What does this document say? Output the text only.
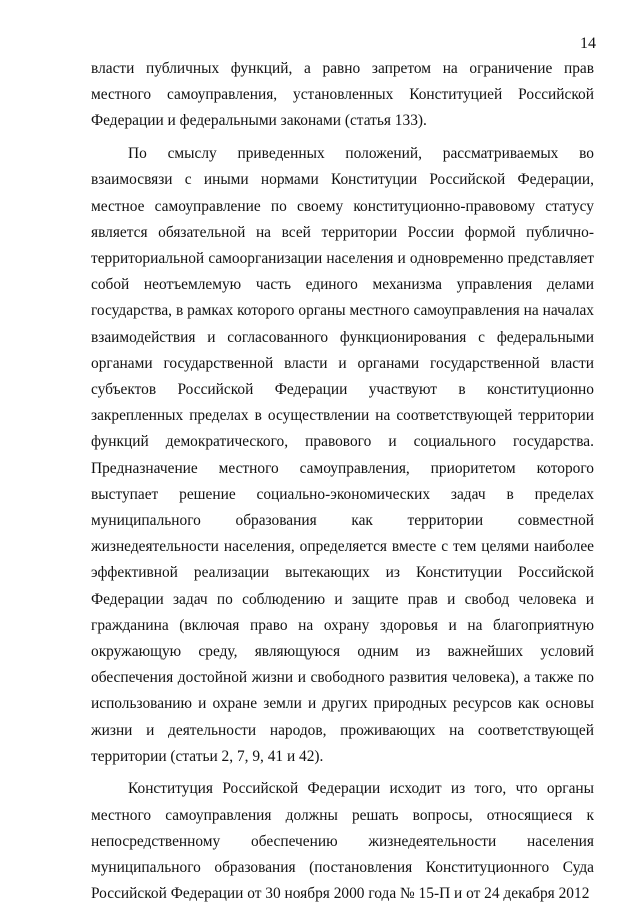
14

власти публичных функций, а равно запретом на ограничение прав местного самоуправления, установленных Конституцией Российской Федерации и федеральными законами (статья 133).

По смыслу приведенных положений, рассматриваемых во взаимосвязи с иными нормами Конституции Российской Федерации, местное самоуправление по своему конституционно-правовому статусу является обязательной на всей территории России формой публично-территориальной самоорганизации населения и одновременно представляет собой неотъемлемую часть единого механизма управления делами государства, в рамках которого органы местного самоуправления на началах взаимодействия и согласованного функционирования с федеральными органами государственной власти и органами государственной власти субъектов Российской Федерации участвуют в конституционно закрепленных пределах в осуществлении на соответствующей территории функций демократического, правового и социального государства. Предназначение местного самоуправления, приоритетом которого выступает решение социально-экономических задач в пределах муниципального образования как территории совместной жизнедеятельности населения, определяется вместе с тем целями наиболее эффективной реализации вытекающих из Конституции Российской Федерации задач по соблюдению и защите прав и свобод человека и гражданина (включая право на охрану здоровья и на благоприятную окружающую среду, являющуюся одним из важнейших условий обеспечения достойной жизни и свободного развития человека), а также по использованию и охране земли и других природных ресурсов как основы жизни и деятельности народов, проживающих на соответствующей территории (статьи 2, 7, 9, 41 и 42).

Конституция Российской Федерации исходит из того, что органы местного самоуправления должны решать вопросы, относящиеся к непосредственному обеспечению жизнедеятельности населения муниципального образования (постановления Конституционного Суда Российской Федерации от 30 ноября 2000 года № 15-П и от 24 декабря 2012
